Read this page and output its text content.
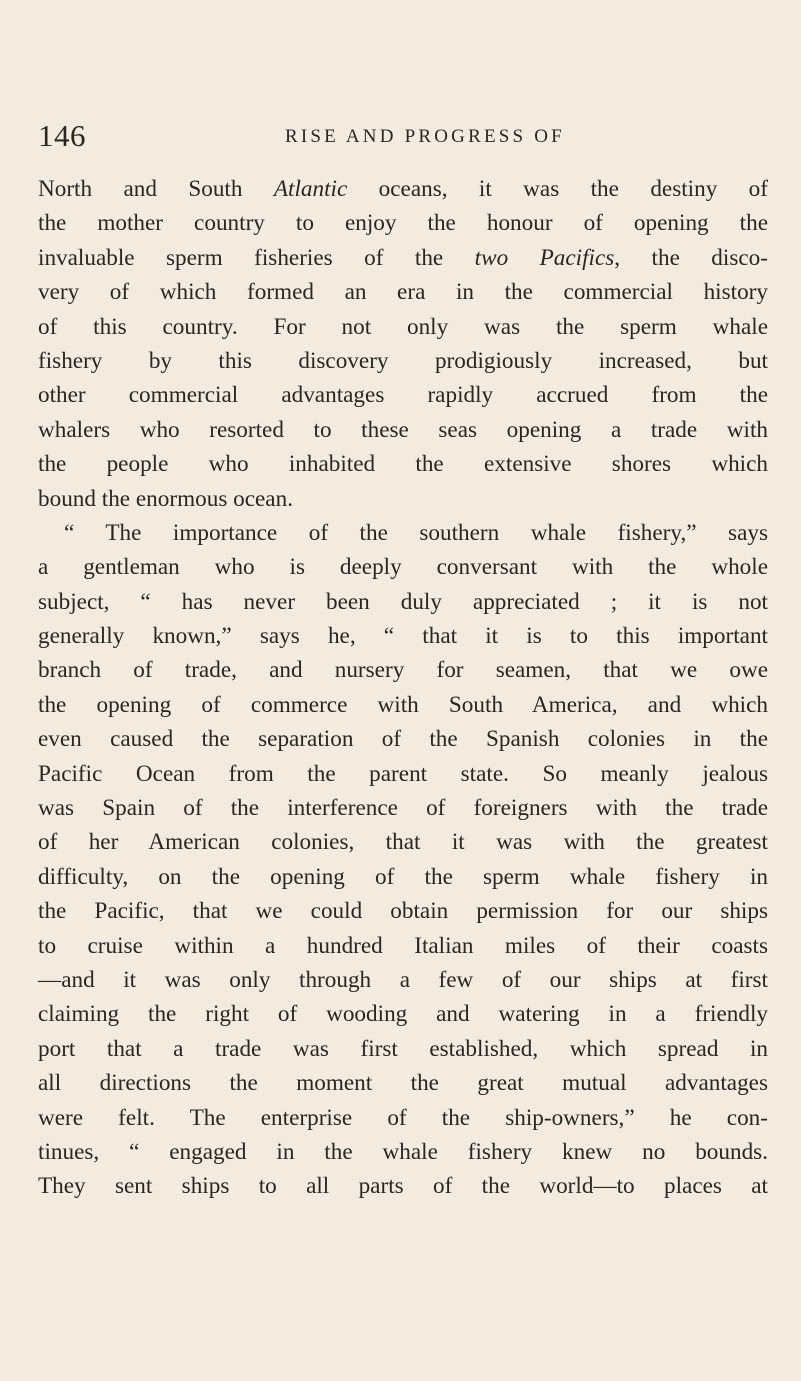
146	RISE AND PROGRESS OF
North and South Atlantic oceans, it was the destiny of
the mother country to enjoy the honour of opening the
invaluable sperm fisheries of the two Pacifics, the disco-
very of which formed an era in the commercial history
of this country. For not only was the sperm whale
fishery by this discovery prodigiously increased, but
other commercial advantages rapidly accrued from the
whalers who resorted to these seas opening a trade with
the people who inhabited the extensive shores which
bound the enormous ocean.
“ The importance of the southern whale fishery,” says
a gentleman who is deeply conversant with the whole
subject, “ has never been duly appreciated ; it is not
generally known,” says he, “ that it is to this important
branch of trade, and nursery for seamen, that we owe
the opening of commerce with South America, and which
even caused the separation of the Spanish colonies in the
Pacific Ocean from the parent state. So meanly jealous
was Spain of the interference of foreigners with the trade
of her American colonies, that it was with the greatest
difficulty, on the opening of the sperm whale fishery in
the Pacific, that we could obtain permission for our ships
to cruise within a hundred Italian miles of their coasts
—and it was only through a few of our ships at first
claiming the right of wooding and watering in a friendly
port that a trade was first established, which spread in
all directions the moment the great mutual advantages
were felt. The enterprise of the ship-owners,” he con-
tinues, “ engaged in the whale fishery knew no bounds.
They sent ships to all parts of the world—to places at
